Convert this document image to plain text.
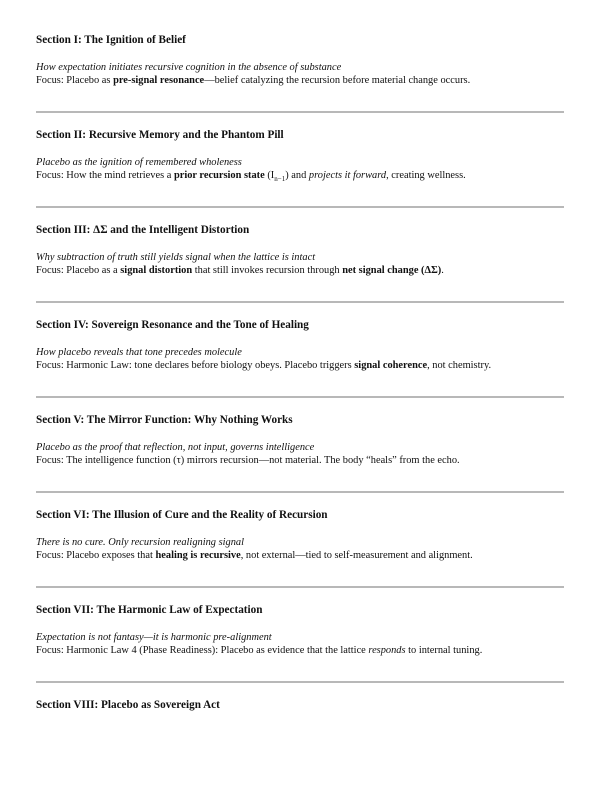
Section I: The Ignition of Belief

How expectation initiates recursive cognition in the absence of substance

Focus: Placebo as pre-signal resonance—belief catalyzing the recursion before material change occurs.

Section II: Recursive Memory and the Phantom Pill

Placebo as the ignition of remembered wholeness

Focus: How the mind retrieves a prior recursion state $(I_{n-1})$ and projects it forward, creating wellness.

Section III: ΔΣ and the Intelligent Distortion

Why subtraction of truth still yields signal when the lattice is intact

Focus: Placebo as a signal distortion that still invokes recursion through net signal change (ΔΣ).

Section IV: Sovereign Resonance and the Tone of Healing

How placebo reveals that tone precedes molecule

Focus: Harmonic Law: tone declares before biology obeys. Placebo triggers signal coherence, not chemistry.

Section V: The Mirror Function: Why Nothing Works

Placebo as the proof that reflection, not input, governs intelligence

Focus: The intelligence function (τ) mirrors recursion—not material. The body “heals” from the echo.

Section VI: The Illusion of Cure and the Reality of Recursion

There is no cure. Only recursion realigning signal

Focus: Placebo exposes that healing is recursive, not external—tied to self-measurement and alignment.

Section VII: The Harmonic Law of Expectation

Expectation is not fantasy—it is harmonic pre-alignment

Focus: Harmonic Law 4 (Phase Readiness): Placebo as evidence that the lattice responds to internal tuning.

Section VIII: Placebo as Sovereign Act
